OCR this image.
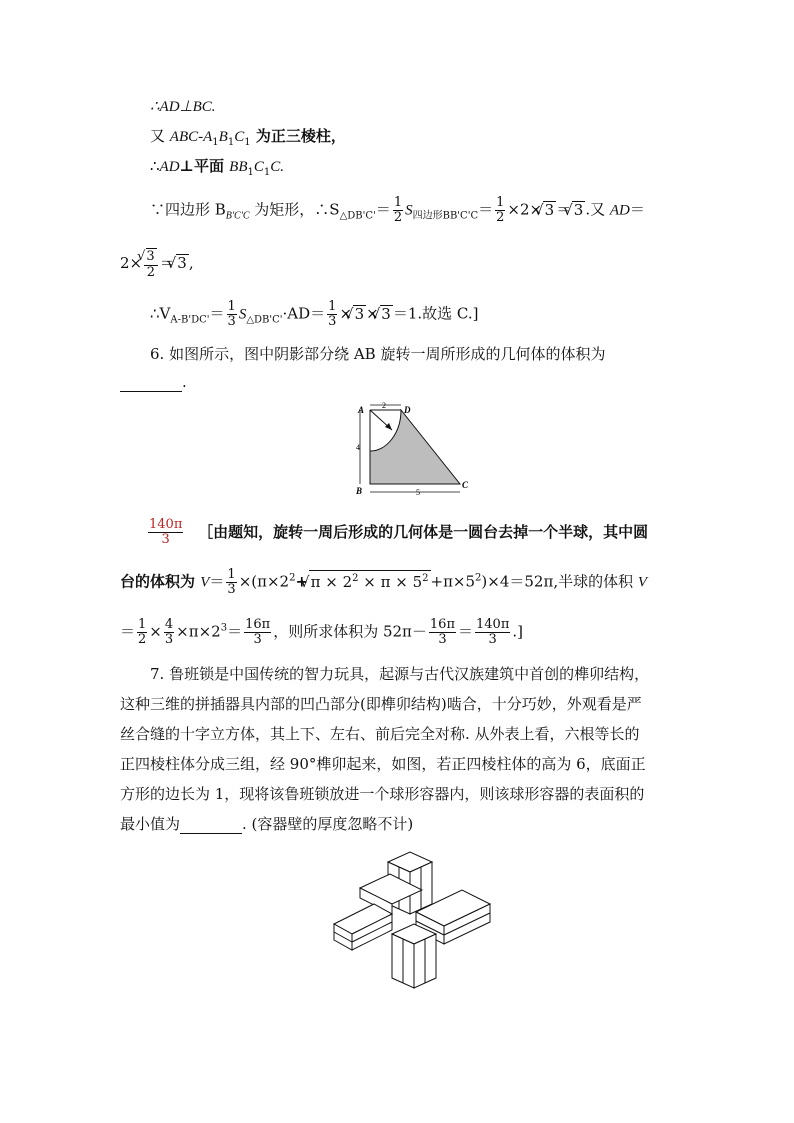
∴AD⊥BC.
又 ABC-$A_1B_1C_1$ 为正三棱柱，
∴AD⊥平面 $BB_1C_1C$.
∵四边形 $B_{B'C'C}$ 为矩形，$\therefore S_{\triangle DB'C'}= \frac{1}{2} S_{四边形BB'C'C}= \frac{1}{2} \times 2\times√$ 3 ＝√ 3 .又 AD＝
2×
√ $\frac{3}{2}$ ＝√ 3 ,
$\therefore V_{A-B'DC'}= \frac{1}{3} S_{\triangle DB'C'}\cdot AD= \frac{1}{3}$ ×√ 3 ×√ 3 ＝1.故选 C.]
6. 如图所示，图中阴影部分绕 AB 旋转一周所形成的几何体的体积为
.
A	D
B
C
2
4
5
$\frac{140\pi}{3}$ ［由题知，旋转一周后形成的几何体是一圆台去掉一个半球，其中圆
台的体积为 $V= \frac{1}{3} \times(\pi\times 2^2+√$ $\pi \times 2^2 \times \pi \times 5^2 +\pi\times 5^2)\times 4=52\pi$,半球的体积 V
＝ $\frac{1}{2} \times \frac{4}{3} \times\pi\times 2^3= \frac{16\pi}{3}$ ，则所求体积为 $52\pi- \frac{16\pi}{3} = \frac{140\pi}{3}$ .]
7. 鲁班锁是中国传统的智力玩具，起源与古代汉族建筑中首创的榫卯结构，
这种三维的拼插器具内部的凹凸部分(即榫卯结构)啮合，十分巧妙，外观看是严
丝合缝的十字立方体，其上下、左右、前后完全对称. 从外表上看，六根等长的
正四棱柱体分成三组，经 90°榫卯起来，如图，若正四棱柱体的高为 6，底面正
方形的边长为 1，现将该鲁班锁放进一个球形容器内，则该球形容器的表面积的
最小值为	. (容器壁的厚度忽略不计)
